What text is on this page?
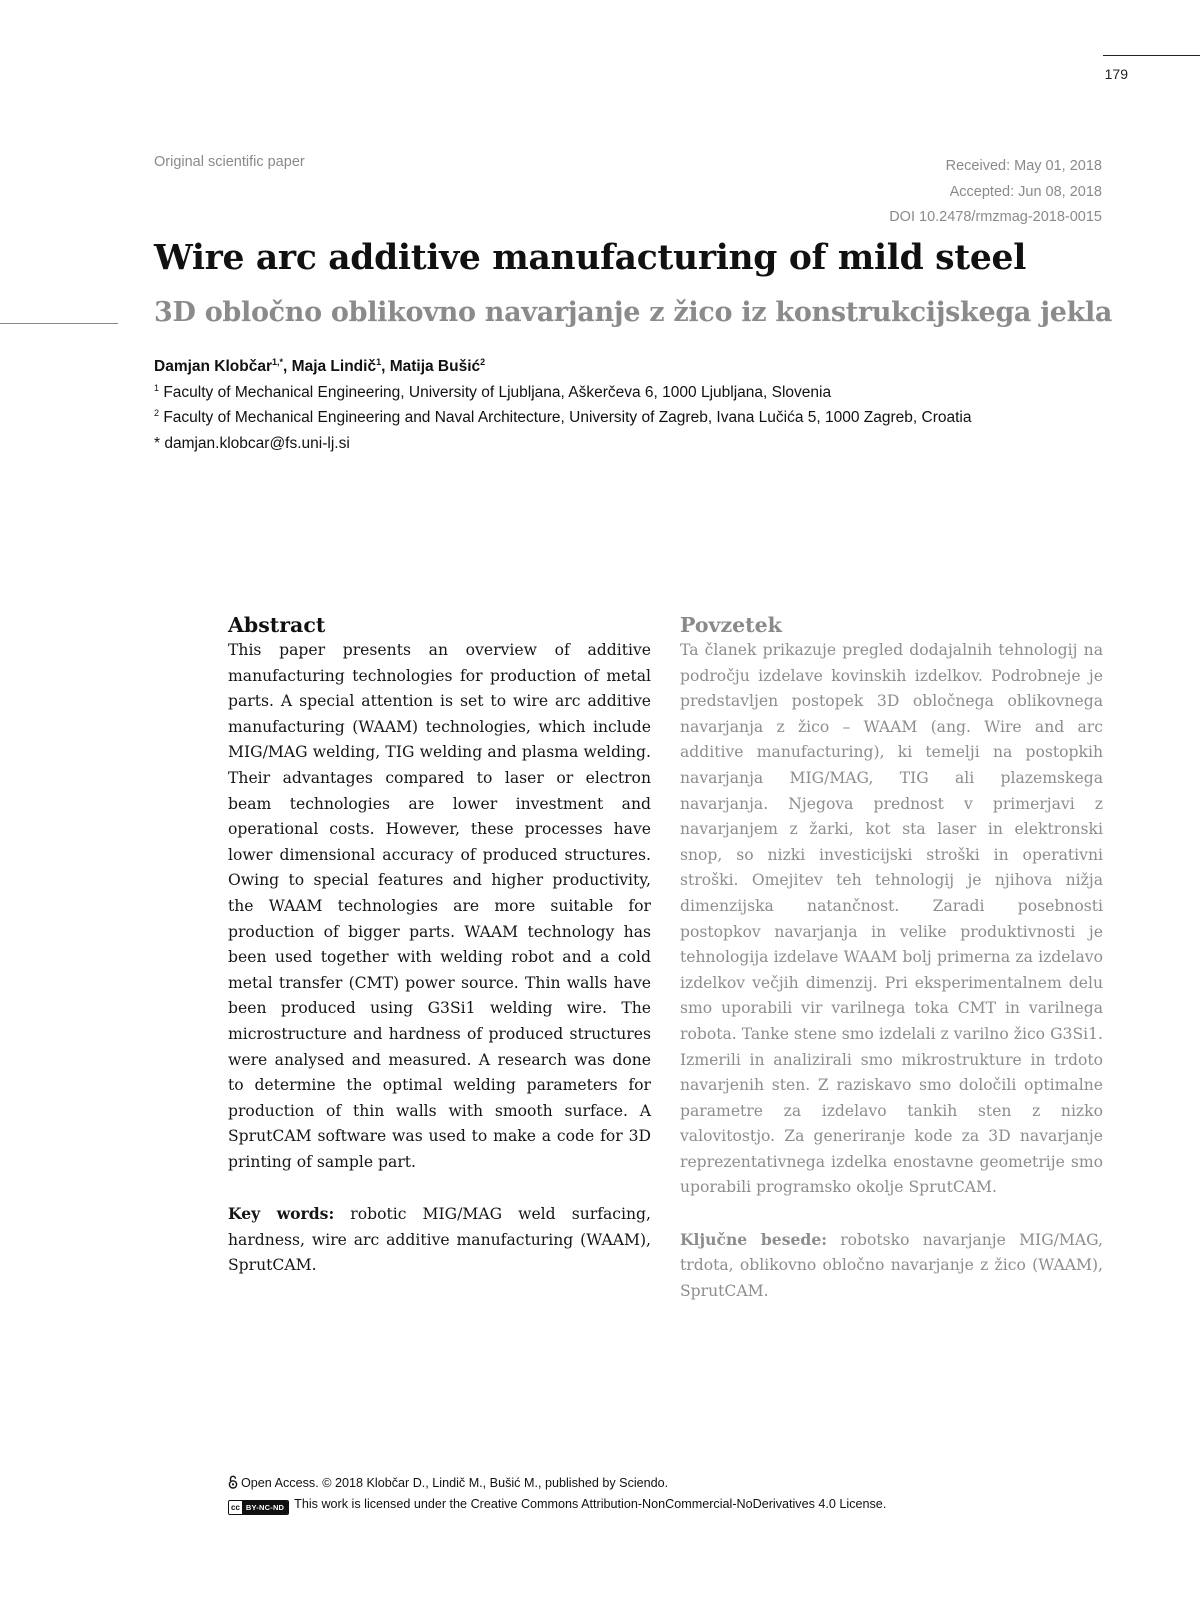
179
Original scientific paper	Received: May 01, 2018
Accepted: Jun 08, 2018
DOI 10.2478/rmzmag-2018-0015
Wire arc additive manufacturing of mild steel
3D obločno oblikovno navarjanje z žico iz konstrukcijskega jekla
Damjan Klobčar$^{1,*}$, Maja Lindič$^1$, Matija Bušić$^2$
$^1$ Faculty of Mechanical Engineering, University of Ljubljana, Aškerčeva 6, 1000 Ljubljana, Slovenia
$^2$ Faculty of Mechanical Engineering and Naval Architecture, University of Zagreb, Ivana Lučića 5, 1000 Zagreb, Croatia
* damjan.klobcar@fs.uni-lj.si
Abstract

This paper presents an overview of additive manufacturing technologies for production of metal parts. A special attention is set to wire arc additive manufacturing (WAAM) technologies, which include MIG/MAG welding, TIG welding and plasma welding. Their advantages compared to laser or electron beam technologies are lower investment and operational costs. However, these processes have lower dimensional accuracy of produced structures. Owing to special features and higher productivity, the WAAM technologies are more suitable for production of bigger parts. WAAM technology has been used together with welding robot and a cold metal transfer (CMT) power source. Thin walls have been produced using G3Si1 welding wire. The microstructure and hardness of produced structures were analysed and measured. A research was done to determine the optimal welding parameters for production of thin walls with smooth surface. A SprutCAM software was used to make a code for 3D printing of sample part.

Key words: robotic MIG/MAG weld surfacing, hardness, wire arc additive manufacturing (WAAM), SprutCAM.

Povzetek

Ta članek prikazuje pregled dodajalnih tehnologij na področju izdelave kovinskih izdelkov. Podrobneje je predstavljen postopek 3D obločnega oblikovnega navarjanja z žico – WAAM (ang. Wire and arc additive manufacturing), ki temelji na postopkih navarjanja MIG/MAG, TIG ali plazemskega navarjanja. Njegova prednost v primerjavi z navarjanjem z žarki, kot sta laser in elektronski snop, so nizki investicijski stroški in operativni stroški. Omejitev teh tehnologij je njihova nižja dimenzijska natančnost. Zaradi posebnosti postopkov navarjanja in velike produktivnosti je tehnologija izdelave WAAM bolj primerna za izdelavo izdelkov večjih dimenzij. Pri eksperimentalnem delu smo uporabili vir varilnega toka CMT in varilnega robota. Tanke stene smo izdelali z varilno žico G3Si1. Izmerili in analizirali smo mikrostrukture in trdoto navarjenih sten. Z raziskavo smo določili optimalne parametre za izdelavo tankih sten z nizko valovitostjo. Za generiranje kode za 3D navarjanje reprezentativnega izdelka enostavne geometrije smo uporabili programsko okolje SprutCAM.

Ključne besede: robotsko navarjanje MIG/MAG, trdota, oblikovno obločno navarjanje z žico (WAAM), SprutCAM.

Open Access. © 2018 Klobčar D., Lindič M., Bušić M., published by Sciendo.
cc BY-NC-ND This work is licensed under the Creative Commons Attribution-NonCommercial-NoDerivatives 4.0 License.
